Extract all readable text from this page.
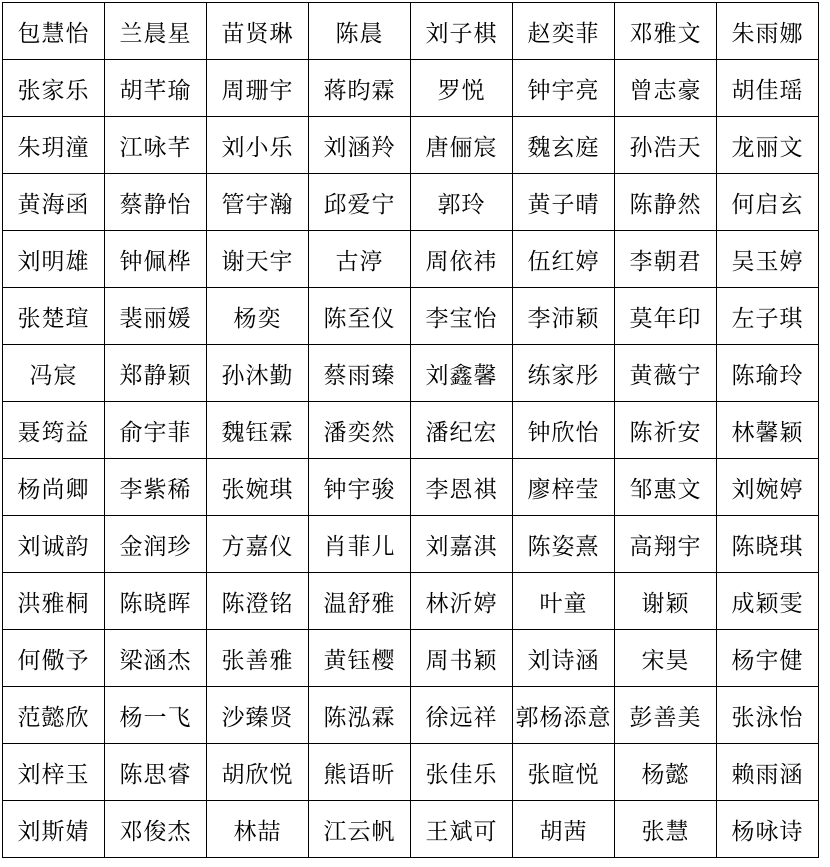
包慧怡	兰晨星	苗贤琳	陈晨	刘子棋	赵奕菲	邓雅文	朱雨娜
张家乐	胡芊瑜	周珊宇	蒋昀霖	罗悦	钟宇亮	曾志豪	胡佳瑶
朱玥潼	江咏芊	刘小乐	刘涵羚	唐俪宸	魏玄庭	孙浩天	龙丽文
黄海函	蔡静怡	管宇瀚	邱爱宁	郭玲	黄子晴	陈静然	何启玄
刘明雄	钟佩桦	谢天宇	古渟	周依祎	伍红婷	李朝君	吴玉婷
张楚瑄	裴丽媛	杨奕	陈至仪	李宝怡	李沛颖	莫年印	左子琪
冯宸	郑静颖	孙沐勤	蔡雨臻	刘鑫馨	练家彤	黄薇宁	陈瑜玲
聂筠益	俞宇菲	魏钰霖	潘奕然	潘纪宏	钟欣怡	陈祈安	林馨颖
杨尚卿	李紫稀	张婉琪	钟宇骏	李恩祺	廖梓莹	邹惠文	刘婉婷
刘诚韵	金润珍	方嘉仪	肖菲儿	刘嘉淇	陈姿熹	高翔宇	陈晓琪
洪雅桐	陈晓晖	陈澄铭	温舒雅	林沂婷	叶童	谢颖	成颖雯
何儆予	梁涵杰	张善雅	黄钰樱	周书颖	刘诗涵	宋昊	杨宇健
范懿欣	杨一飞	沙臻贤	陈泓霖	徐远祥	郭杨添意	彭善美	张泳怡
刘梓玉	陈思睿	胡欣悦	熊语昕	张佳乐	张暄悦	杨懿	赖雨涵
刘斯婧	邓俊杰	林喆	江云帆	王斌可	胡茜	张慧	杨咏诗
